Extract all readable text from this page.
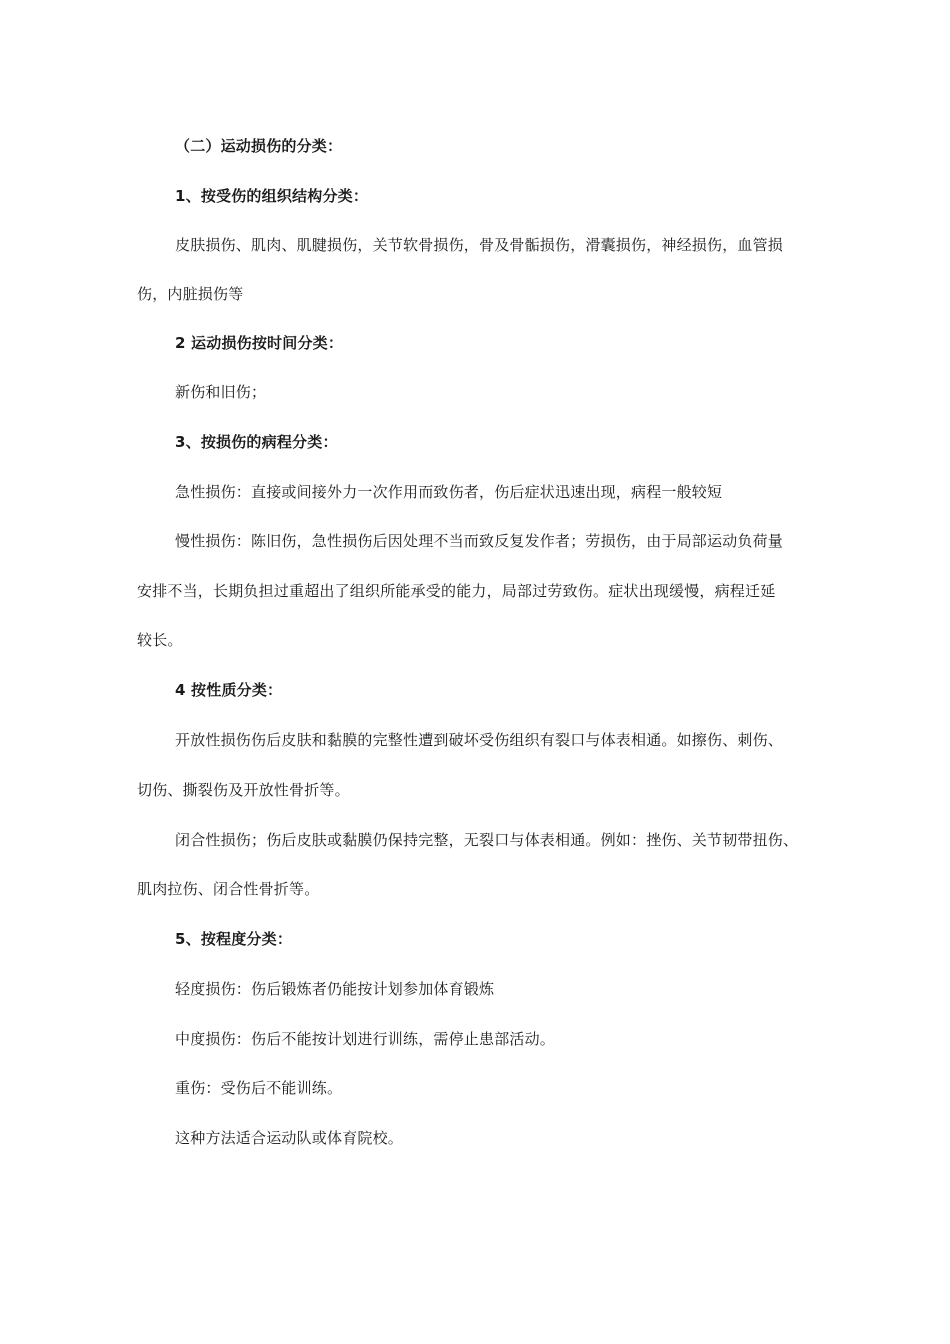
（二）运动损伤的分类：
1、按受伤的组织结构分类：
皮肤损伤、肌肉、肌腱损伤，关节软骨损伤，骨及骨骺损伤，滑囊损伤，神经损伤，血管损
伤，内脏损伤等
2 运动损伤按时间分类：
新伤和旧伤；
3、按损伤的病程分类：
急性损伤：直接或间接外力一次作用而致伤者，伤后症状迅速出现，病程一般较短
慢性损伤：陈旧伤，急性损伤后因处理不当而致反复发作者；劳损伤，由于局部运动负荷量
安排不当，长期负担过重超出了组织所能承受的能力，局部过劳致伤。症状出现缓慢，病程迁延
较长。
4 按性质分类：
开放性损伤伤后皮肤和黏膜的完整性遭到破坏受伤组织有裂口与体表相通。如擦伤、刺伤、
切伤、撕裂伤及开放性骨折等。
闭合性损伤；伤后皮肤或黏膜仍保持完整，无裂口与体表相通。例如：挫伤、关节韧带扭伤、
肌肉拉伤、闭合性骨折等。
5、按程度分类：
轻度损伤：伤后锻炼者仍能按计划参加体育锻炼
中度损伤：伤后不能按计划进行训练，需停止患部活动。
重伤：受伤后不能训练。
这种方法适合运动队或体育院校。
